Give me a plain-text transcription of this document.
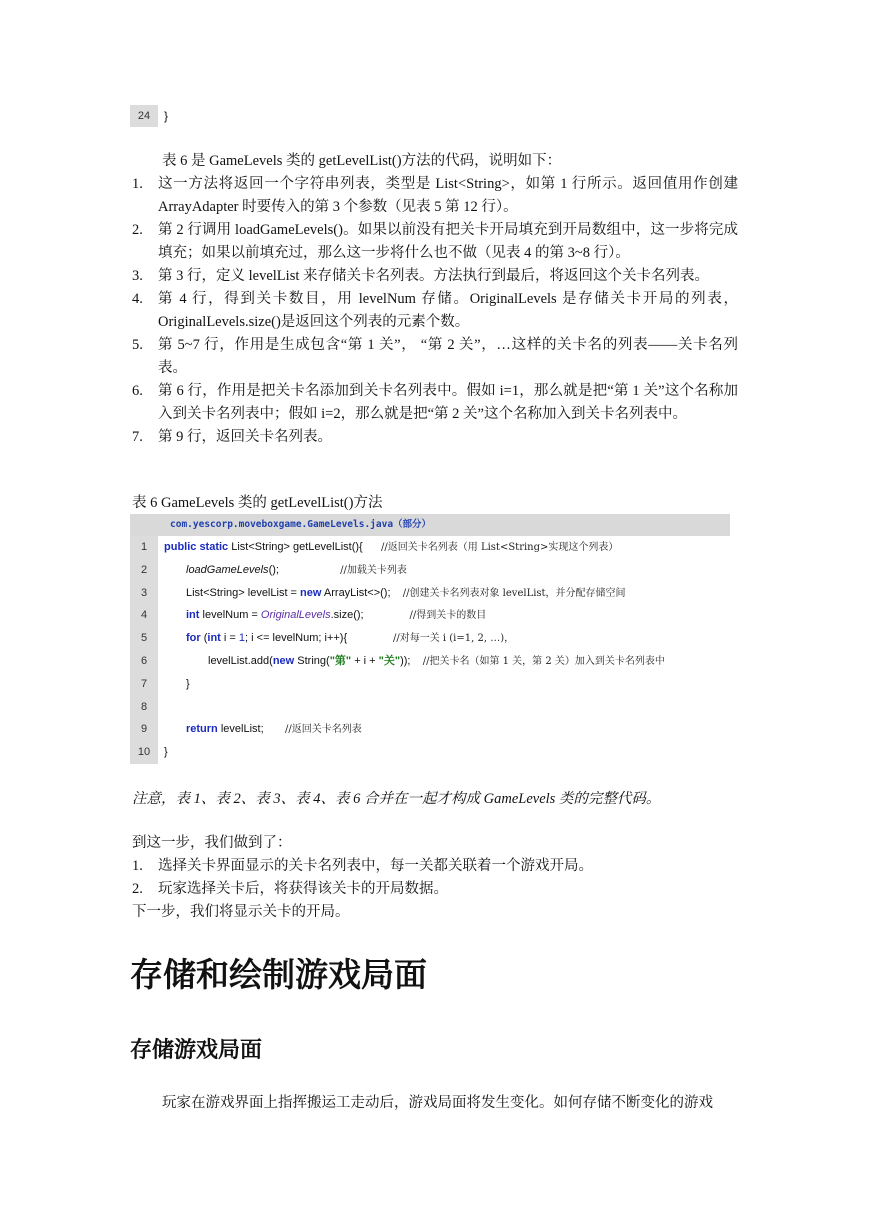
24	}
表 6 是 GameLevels 类的 getLevelList()方法的代码，说明如下：
1. 这一方法将返回一个字符串列表，类型是 List<String>，如第 1 行所示。返回值用作创建 ArrayAdapter 时要传入的第 3 个参数（见表 5 第 12 行）。
2. 第 2 行调用 loadGameLevels()。如果以前没有把关卡开局填充到开局数组中，这一步将完成填充；如果以前填充过，那么这一步将什么也不做（见表 4 的第 3~8 行）。
3. 第 3 行，定义 levelList 来存储关卡名列表。方法执行到最后，将返回这个关卡名列表。
4. 第 4 行，得到关卡数目，用 levelNum 存储。OriginalLevels 是存储关卡开局的列表，OriginalLevels.size()是返回这个列表的元素个数。
5. 第 5~7 行，作用是生成包含“第 1 关”， “第 2 关”，…这样的关卡名的列表——关卡名列表。
6. 第 6 行，作用是把关卡名添加到关卡名列表中。假如 i=1，那么就是把“第 1 关”这个名称加入到关卡名列表中；假如 i=2，那么就是把“第 2 关”这个名称加入到关卡名列表中。
7. 第 9 行，返回关卡名列表。
表 6 GameLevels 类的 getLevelList()方法
com.yescorp.moveboxgame.GameLevels.java（部分）
1	public static List<String> getLevelList(){      //返回关卡名列表（用 List<String>实现这个列表）
2	loadGameLevels();                    //加载关卡列表
3	List<String> levelList = new ArrayList<>();    //创建关卡名列表对象 levelList，并分配存储空间
4	int levelNum = OriginalLevels.size();               //得到关卡的数目
5	for (int i = 1; i <= levelNum; i++){               //对每一关 i (i=1, 2, …)，
6	levelList.add(new String("第" + i + "关"));    //把关卡名（如第 1 关，第 2 关）加入到关卡名列表中
7	}
8
9	return levelList;       //返回关卡名列表
10	}
注意，表 1、表 2、表 3、表 4、表 6 合并在一起才构成 GameLevels 类的完整代码。
到这一步，我们做到了：
1. 选择关卡界面显示的关卡名列表中，每一关都关联着一个游戏开局。
2. 玩家选择关卡后，将获得该关卡的开局数据。
下一步，我们将显示关卡的开局。
存储和绘制游戏局面
存储游戏局面
玩家在游戏界面上指挥搬运工走动后，游戏局面将发生变化。如何存储不断变化的游戏
